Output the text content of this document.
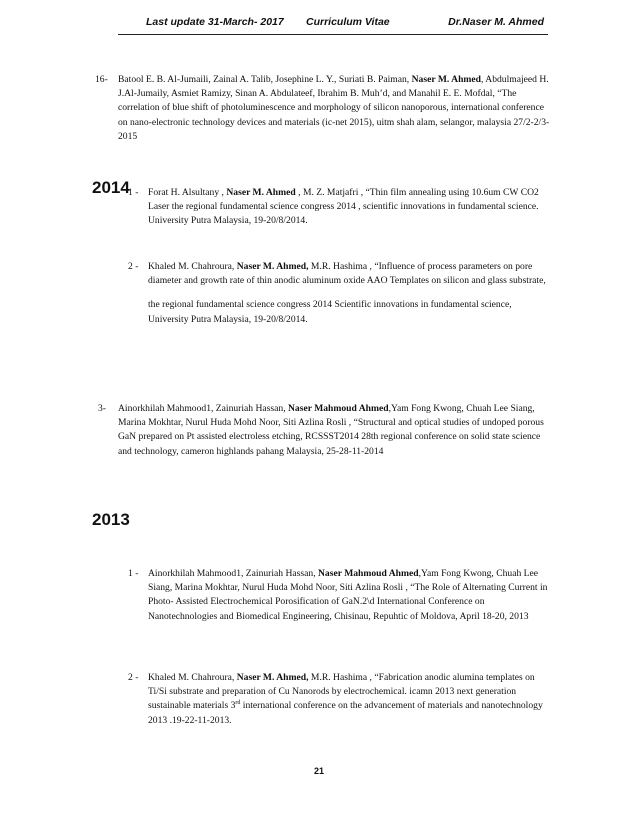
Last update 31-March- 2017 Curriculum Vitae	Dr.Naser M. Ahmed
16-	Batool E. B. Al-Jumaili, Zainal A. Talib, Josephine L. Y., Suriati B. Paiman, Naser M. Ahmed, Abdulmajeed H. J.Al-Jumaily, Asmiet Ramizy, Sinan A. Abdulateef, Ibrahim B. Muh’d, and Manahil E. E. Mofdal, “The correlation of blue shift of photoluminescence and morphology of silicon nanoporous, international conference on nano-electronic technology devices and materials (ic-net 2015), uitm shah alam, selangor, malaysia 27/2-2/3-2015
2014
1 -	Forat H. Alsultany , Naser M. Ahmed , M. Z. Matjafri , “Thin film annealing using 10.6um CW CO2 Laser the regional fundamental science congress 2014 , scientific innovations in fundamental science. University Putra Malaysia, 19-20/8/2014.
2 -	Khaled M. Chahroura, Naser M. Ahmed, M.R. Hashima , “Influence of process parameters on pore diameter and growth rate of thin anodic aluminum oxide AAO Templates on silicon and glass substrate,
the regional fundamental science congress 2014 Scientific innovations in fundamental science, University Putra Malaysia, 19-20/8/2014.
3-	Ainorkhilah Mahmood1, Zainuriah Hassan, Naser Mahmoud Ahmed,Yam Fong Kwong, Chuah Lee Siang, Marina Mokhtar, Nurul Huda Mohd Noor, Siti Azlina Rosli , “Structural and optical studies of undoped porous GaN prepared on Pt assisted electroless etching, RCSSST2014 28th regional conference on solid state science and technology, cameron highlands pahang Malaysia, 25-28-11-2014
2013
1 -	Ainorkhilah Mahmood1, Zainuriah Hassan, Naser Mahmoud Ahmed,Yam Fong Kwong, Chuah Lee Siang, Marina Mokhtar, Nurul Huda Mohd Noor, Siti Azlina Rosli , “The Role of Alternating Current in Photo- Assisted Electrochemical Porosification of GaN.2\d International Conference on Nanotechnologies and Biomedical Engineering, Chisinau, Repuhtic of Moldova, April 18-20, 2013
2 -	Khaled M. Chahroura, Naser M. Ahmed, M.R. Hashima , “Fabrication anodic alumina templates on Ti/Si substrate and preparation of Cu Nanorods by electrochemical. icamn 2013 next generation sustainable materials 3rd international conference on the advancement of materials and nanotechnology 2013 .19-22-11-2013.
21
